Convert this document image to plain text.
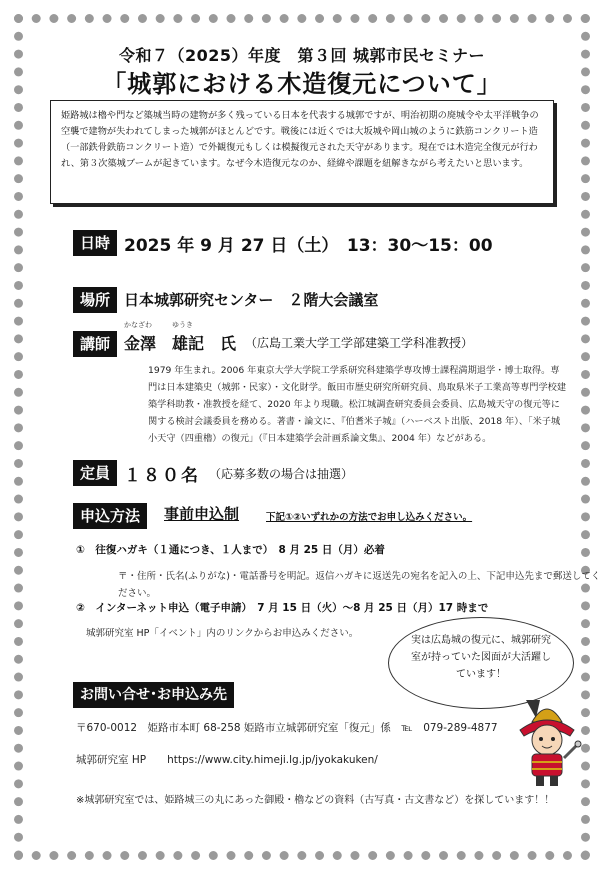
令和７（2025）年度　第３回 城郭市民セミナー
「城郭における木造復元について」
姫路城は櫓や門など築城当時の建物が多く残っている日本を代表する城郭ですが、明治初期の廃城令や太平洋戦争の空襲で建物が失われてしまった城郭がほとんどです。戦後には近くでは大坂城や岡山城のように鉄筋コンクリート造（一部鉄骨鉄筋コンクリート造）で外観復元もしくは模擬復元された天守があります。現在では木造完全復元が行われ、第３次築城ブームが起きています。なぜ今木造復元なのか、経緯や課題を紐解きながら考えたいと思います。
日時 2025 年 9 月 27 日（土）　13：30〜15：00
場所 日本城郭研究センター　２階大会議室
講師
かなざわ	ゆうき
金澤　雄記　氏 （広島工業大学工学部建築工学科准教授）
1979 年生まれ。2006 年東京大学大学院工学系研究科建築学専攻博士課程満期退学・博士取得。専門は日本建築史（城郭・民家）・文化財学。飯田市歴史研究所研究員、鳥取県米子工業高等専門学校建築学科助教・准教授を経て、2020 年より現職。松江城調査研究委員会委員、広島城天守の復元等に関する検討会議委員を務める。著書・論文に、『伯耆米子城』（ハーベスト出版、2018 年）、「米子城小天守（四重櫓）の復元」（『日本建築学会計画系論文集』、2004 年）などがある。
定員 １８０名 （応募多数の場合は抽選）
申込方法	事前申込制	下記①②いずれかの方法でお申し込みください。
①　往復ハガキ（１通につき、１人まで）　8 月 25 日（月）必着
〒・住所・氏名(ふりがな)・電話番号を明記。返信ハガキに返送先の宛名を記入の上、下記申込先まで郵送してください。
②　インターネット申込（電子申請）　7 月 15 日（火）〜8 月 25 日（月）17 時まで
城郭研究室 HP「イベント」内のリンクからお申込みください。
実は広島城の復元に、城郭研究室が持っていた図面が大活躍しています！
お問い合せ･お申込み先
〒670-0012　姫路市本町 68-258 姫路市立城郭研究室「復元」係　℡　079-289-4877
城郭研究室 HP　　https://www.city.himeji.lg.jp/jyokakuken/
※城郭研究室では、姫路城三の丸にあった御殿・櫓などの資料（古写真・古文書など）を探しています！！
